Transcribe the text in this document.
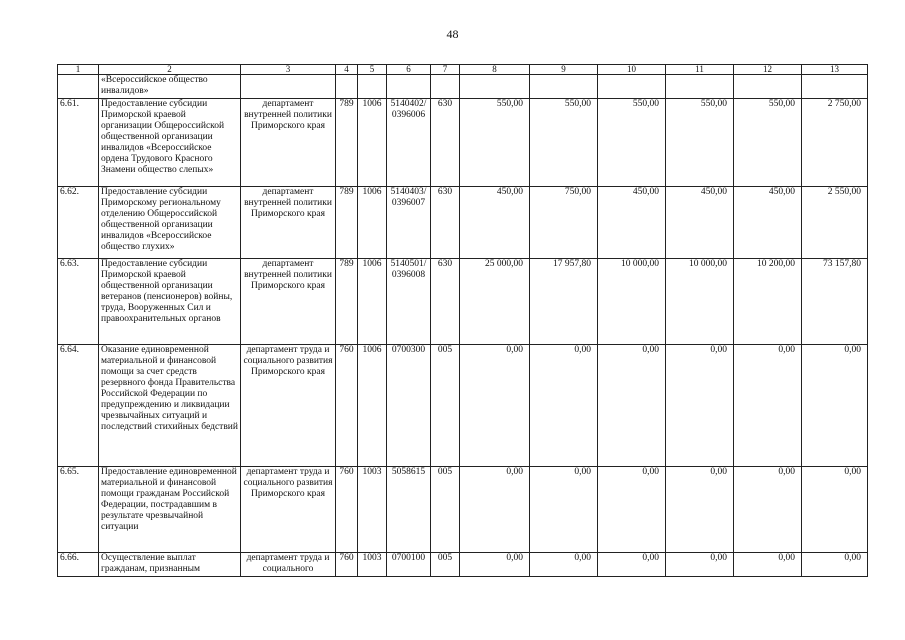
48
1	2	3	4	5	6	7	8	9	10	11	12	13
	«Всероссийское общество инвалидов»											
6.61.	Предоставление субсидии Приморской краевой организации Общероссийской общественной организации инвалидов «Всероссийское ордена Трудового Красного Знамени общество слепых»	департамент внутренней политики Приморского края	789	1006	5140402/ 0396006	630	550,00	550,00	550,00	550,00	550,00	2 750,00
6.62.	Предоставление субсидии Приморскому региональному отделению Общероссийской общественной организации инвалидов «Всероссийское общество глухих»	департамент внутренней политики Приморского края	789	1006	5140403/ 0396007	630	450,00	750,00	450,00	450,00	450,00	2 550,00
6.63.	Предоставление субсидии Приморской краевой общественной организации ветеранов (пенсионеров) войны, труда, Вооруженных Сил и правоохранительных органов	департамент внутренней политики Приморского края	789	1006	5140501/ 0396008	630	25 000,00	17 957,80	10 000,00	10 000,00	10 200,00	73 157,80
6.64.	Оказание единовременной материальной и финансовой помощи за счет средств резервного фонда Правительства Российской Федерации по предупреждению и ликвидации чрезвычайных ситуаций и последствий стихийных бедствий	департамент труда и социального развития Приморского края	760	1006	0700300	005	0,00	0,00	0,00	0,00	0,00	0,00
6.65.	Предоставление единовременной материальной и финансовой помощи гражданам Российской Федерации, пострадавшим в результате чрезвычайной ситуации	департамент труда и социального развития Приморского края	760	1003	5058615	005	0,00	0,00	0,00	0,00	0,00	0,00
6.66.	Осуществление выплат гражданам, признанным	департамент труда и социального	760	1003	0700100	005	0,00	0,00	0,00	0,00	0,00	0,00
